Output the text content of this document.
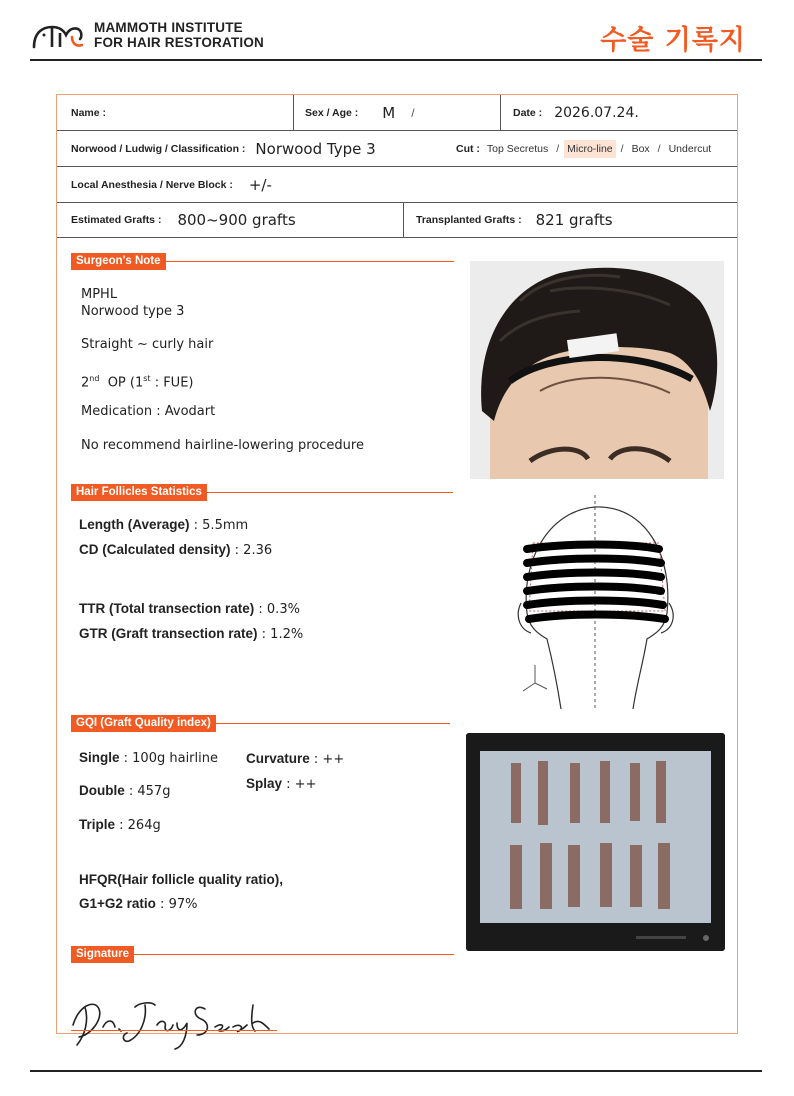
MAMMOTH INSTITUTE
FOR HAIR RESTORATION	수술 기록지
Name :	Sex / Age : M /	Date : 2026.07.24.
Norwood / Ludwig / Classification : Norwood Type 3	Cut : Top Secretus / Micro-line / Box / Undercut
Local Anesthesia / Nerve Block : +/-
Estimated Grafts : 800~900 grafts	Transplanted Grafts : 821 grafts
Surgeon's Note
MPHL
Norwood type 3
Straight ~ curly hair
2nd OP (1st : FUE)
Medication : Avodart
No recommend hairline-lowering procedure
Hair Follicles Statistics
Length (Average) : 5.5mm
CD (Calculated density) : 2.36
TTR (Total transection rate) : 0.3%
GTR (Graft transection rate) : 1.2%
GQI (Graft Quality index)
Single : 100g hairline
Double : 457g
Triple : 264g
Curvature : ++
Splay : ++
HFQR(Hair follicle quality ratio),
G1+G2 ratio : 97%
Signature
